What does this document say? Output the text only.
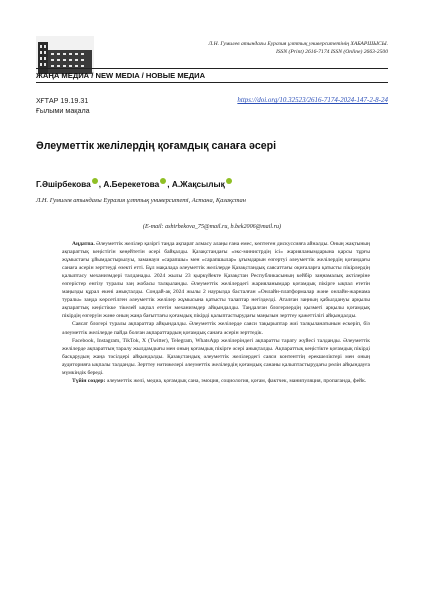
Л.Н. Гумилев атындағы Еуразия ұлттық университетінің ХАБАРШЫСЫ.
ISSN (Print) 2616-7174 ISSN (Online) 2663-2500
ЖАҢА МЕДИА / NEW MEDIA / НОВЫЕ МЕДИА
ХҒТАР 19.19.31
Ғылыми мақала
https://doi.org/10.32523/2616-7174-2024-147-2-8-24
Әлеуметтік желілердің қоғамдық санаға әсері
Г.Әшірбекова , А.Берекетова , А.Жақсылық
Л.Н. Гумилев атындағы Еуразия ұлттық университеті, Астана, Қазақстан
(E-mail: ashirbekova_75@mail.ru, b.bek2006@mail.ru)

Аңдатпа. Әлеуметтік желілер қазіргі таңда ақпарат алмасу алаңы ғана емес, көптеген дискуссияға айналды. Оның жақтының ақпараттық кеңістігін кеңейтетін әсері байқалды. Қазақстандағы «экс-министрдің ісі» жарияланымдарына қарсы тұрғы жұмыстағы ұйымдастырылуы, заманауи «сарапшы» мен «сарапшылар» ұғымдарын өзгертуі әлеуметтік желілердің қоғамдағы санаға әсерін зерттеуді өзекті етті. Бұл мақалада әлеуметтік желілерде Қазақстандық саясаттағы оқиғаларға қатысты пікірлердің қалыптасу механизмдері талданады. 2024 жылы 23 қыркүйекте Қазақстан Республикасының кейбір заңнамалық актілеріне өзгерістер енгізу туралы заң жобасы талқыланды. Әлеуметтік желілердегі жарияланымдар қоғамдық пікірге ықпал ететін маңызды құрал екені анықталды. Сондай-ақ 2024 жылы 2 наурызда басталған «Онлайн-платформалар және онлайн-жарнама туралы» заңда көрсетілген әлеуметтік желілер жұмысына қатысты талаптар негізделді. Аталған заңның қабылдануы арқылы ақпараттық кеңістікке тікелей ықпал ететін механизмдер айқындалды. Таңдалған блогерлердің қызметі арқылы қоғамдық пікірдің өзгеруін және оның жаңа бағыттағы қоғамдық пікірді қалыптастырудағы маңызын зерттеу қажеттілігі айқындалды.

Саясат блогері туралы ақпараттар айқындалды. Әлеуметтік желілерде саяси тақырыптар жиі талқыланатынын ескеріп, біз әлеуметтік желілерде пайда болған ақпараттардың қоғамдық санаға әсерін зерттедік.

Facebook, Instagram, TikTok, X (Twitter), Telegram, WhatsApp желілеріндегі ақпаратты тарату жүйесі талданды. Әлеуметтік желілерде ақпараттың таралу жылдамдығы мен оның қоғамдық пікірге әсері анықталды. Ақпараттық кеңістікте қоғамдық пікірді басқарудың жаңа тәсілдері айқындалды. Қазақстандық әлеуметтік желілердегі саяси контенттің ерекшеліктері мен оның аудиторияға ықпалы талданды. Зерттеу нәтижелері әлеуметтік желілердің қоғамдық сананы қалыптастырудағы рөлін айқындауға мүмкіндік береді.

Түйін сөздер: әлеуметтік желі, медиа, қоғамдық сана, эмоция, социология, қоғам, фактчек, манипуляция, пропаганда, фейк.
